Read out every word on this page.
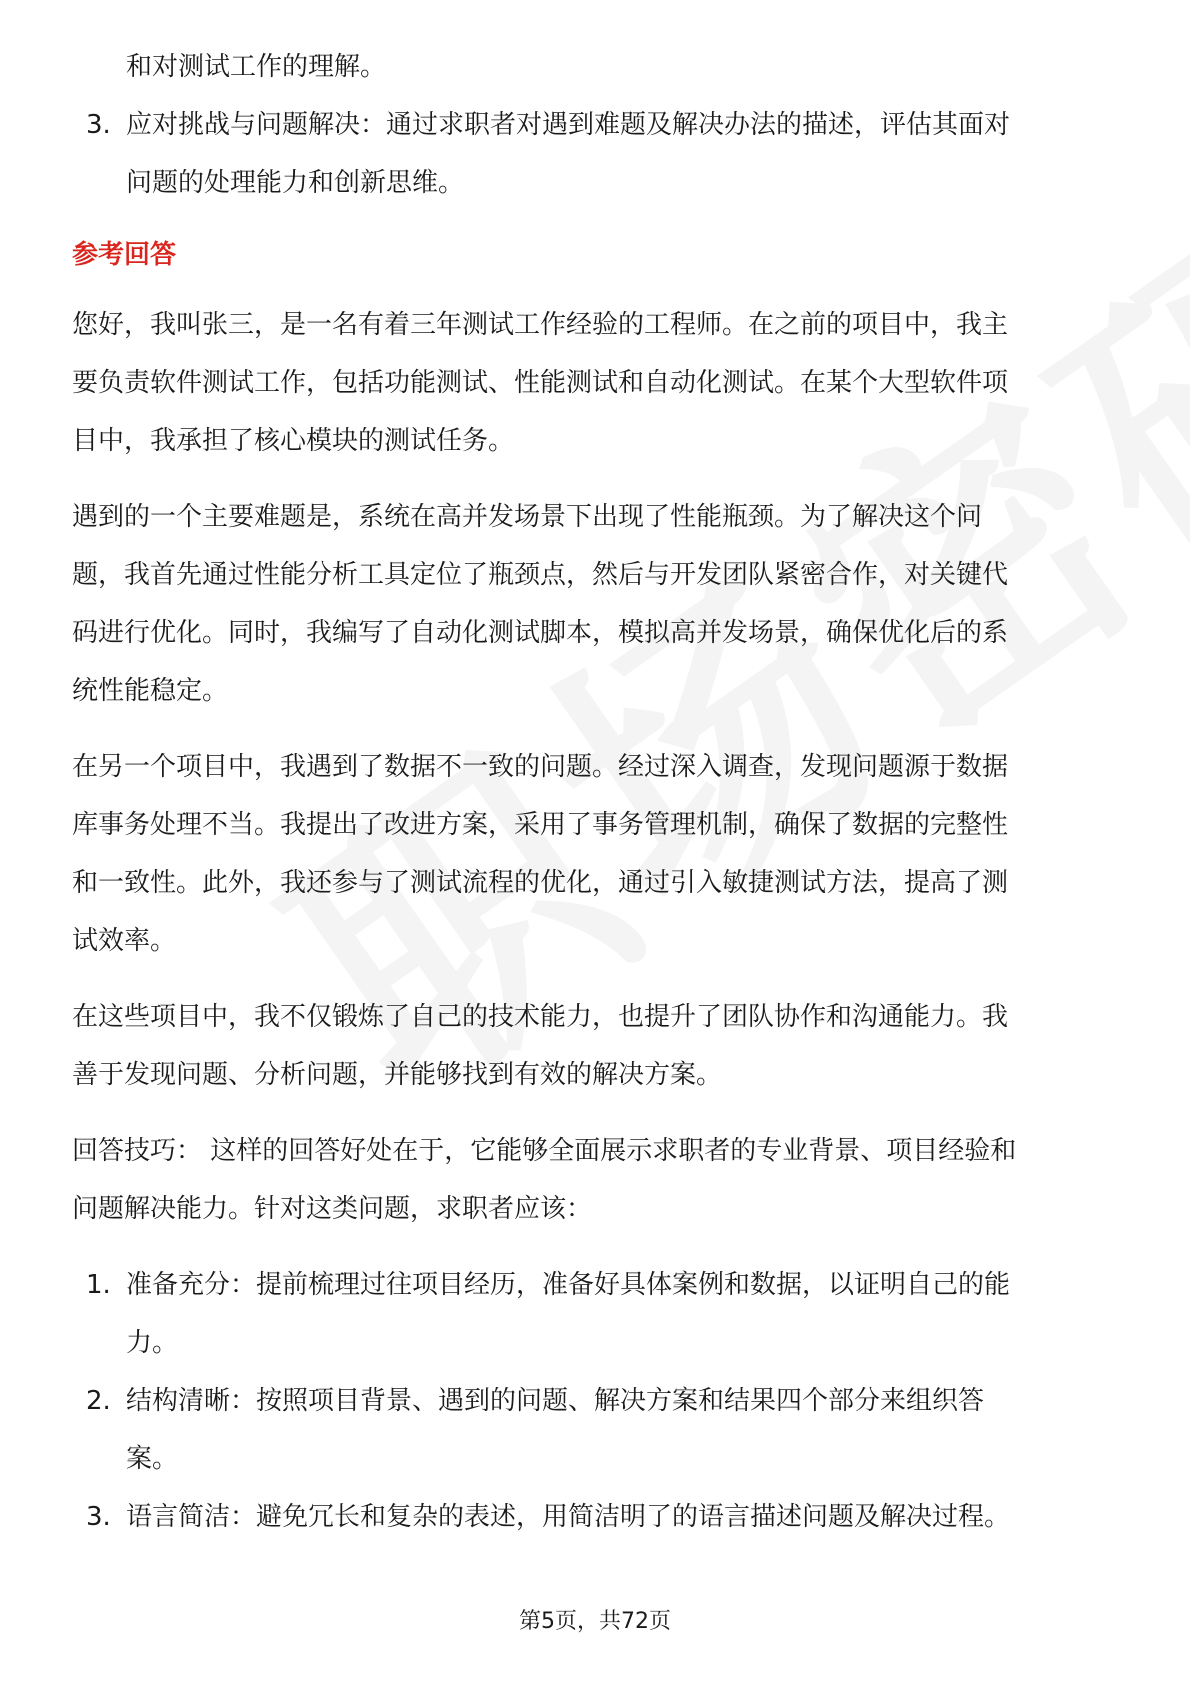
和对测试工作的理解。
3. 应对挑战与问题解决：通过求职者对遇到难题及解决办法的描述，评估其面对
问题的处理能力和创新思维。
参考回答
您好，我叫张三，是一名有着三年测试工作经验的工程师。在之前的项目中，我主
要负责软件测试工作，包括功能测试、性能测试和自动化测试。在某个大型软件项
目中，我承担了核心模块的测试任务。
遇到的一个主要难题是，系统在高并发场景下出现了性能瓶颈。为了解决这个问
题，我首先通过性能分析工具定位了瓶颈点，然后与开发团队紧密合作，对关键代
码进行优化。同时，我编写了自动化测试脚本，模拟高并发场景，确保优化后的系
统性能稳定。
在另一个项目中，我遇到了数据不一致的问题。经过深入调查，发现问题源于数据
库事务处理不当。我提出了改进方案，采用了事务管理机制，确保了数据的完整性
和一致性。此外，我还参与了测试流程的优化，通过引入敏捷测试方法，提高了测
试效率。
在这些项目中，我不仅锻炼了自己的技术能力，也提升了团队协作和沟通能力。我
善于发现问题、分析问题，并能够找到有效的解决方案。
回答技巧： 这样的回答好处在于，它能够全面展示求职者的专业背景、项目经验和
问题解决能力。针对这类问题，求职者应该：
1. 准备充分：提前梳理过往项目经历，准备好具体案例和数据，以证明自己的能
力。
2. 结构清晰：按照项目背景、遇到的问题、解决方案和结果四个部分来组织答
案。
3. 语言简洁：避免冗长和复杂的表述，用简洁明了的语言描述问题及解决过程。
第5页，共72页
